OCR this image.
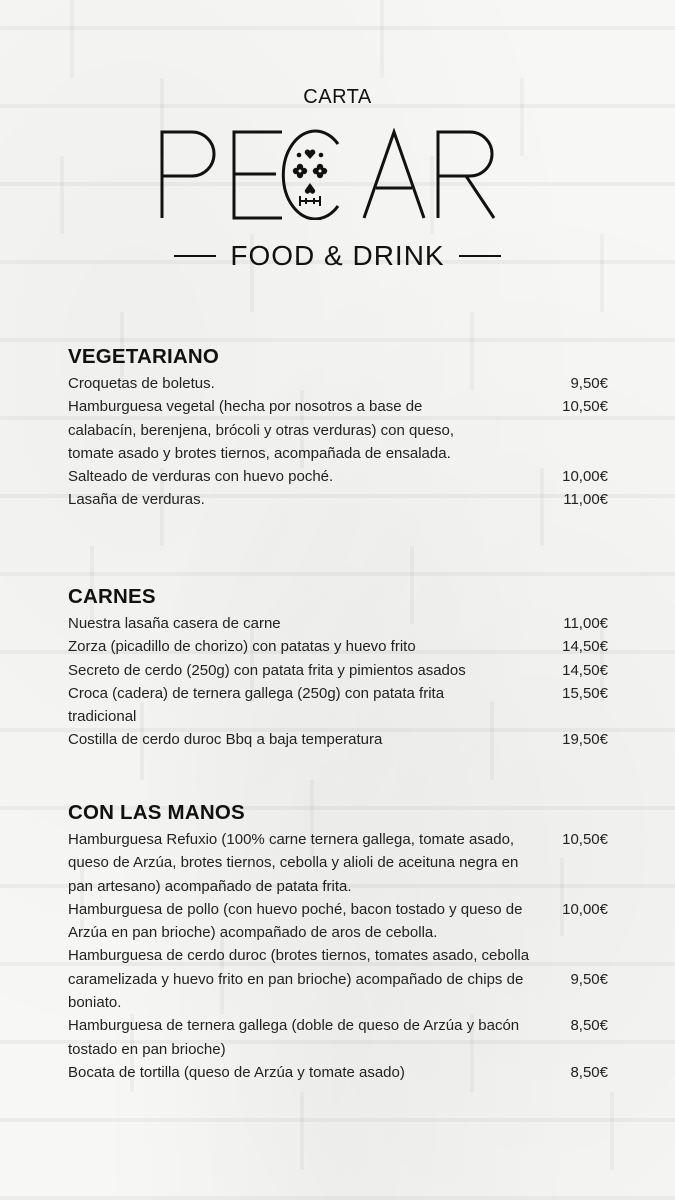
CARTA
FOOD & DRINK
VEGETARIANO
Croquetas de boletus.	9,50€
Hamburguesa vegetal (hecha por nosotros a base de calabacín, berenjena, brócoli y otras verduras) con queso, tomate asado y brotes tiernos, acompañada de ensalada.
10,50€
Salteado de verduras con huevo poché.	10,00€
Lasaña de verduras.	11,00€
CARNES
Nuestra lasaña casera de carne	11,00€
Zorza (picadillo de chorizo) con patatas y huevo frito	14,50€
Secreto de cerdo (250g) con patata frita y pimientos asados	14,50€
Croca (cadera) de ternera gallega (250g) con patata frita tradicional
15,50€
Costilla de cerdo duroc Bbq a baja temperatura	19,50€
CON LAS MANOS
Hamburguesa Refuxio (100% carne ternera gallega, tomate asado, queso de Arzúa, brotes tiernos, cebolla y alioli de aceituna negra en pan artesano) acompañado de patata frita.
10,50€
Hamburguesa de pollo (con huevo poché, bacon tostado y queso de Arzúa en pan brioche) acompañado de aros de cebolla.
10,00€
Hamburguesa de cerdo duroc (brotes tiernos, tomates asado, cebolla caramelizada y huevo frito en pan brioche) acompañado de chips de boniato.
9,50€
Hamburguesa de ternera gallega (doble de queso de Arzúa y bacón tostado en pan brioche)
8,50€
Bocata de tortilla (queso de Arzúa y tomate asado)	8,50€
